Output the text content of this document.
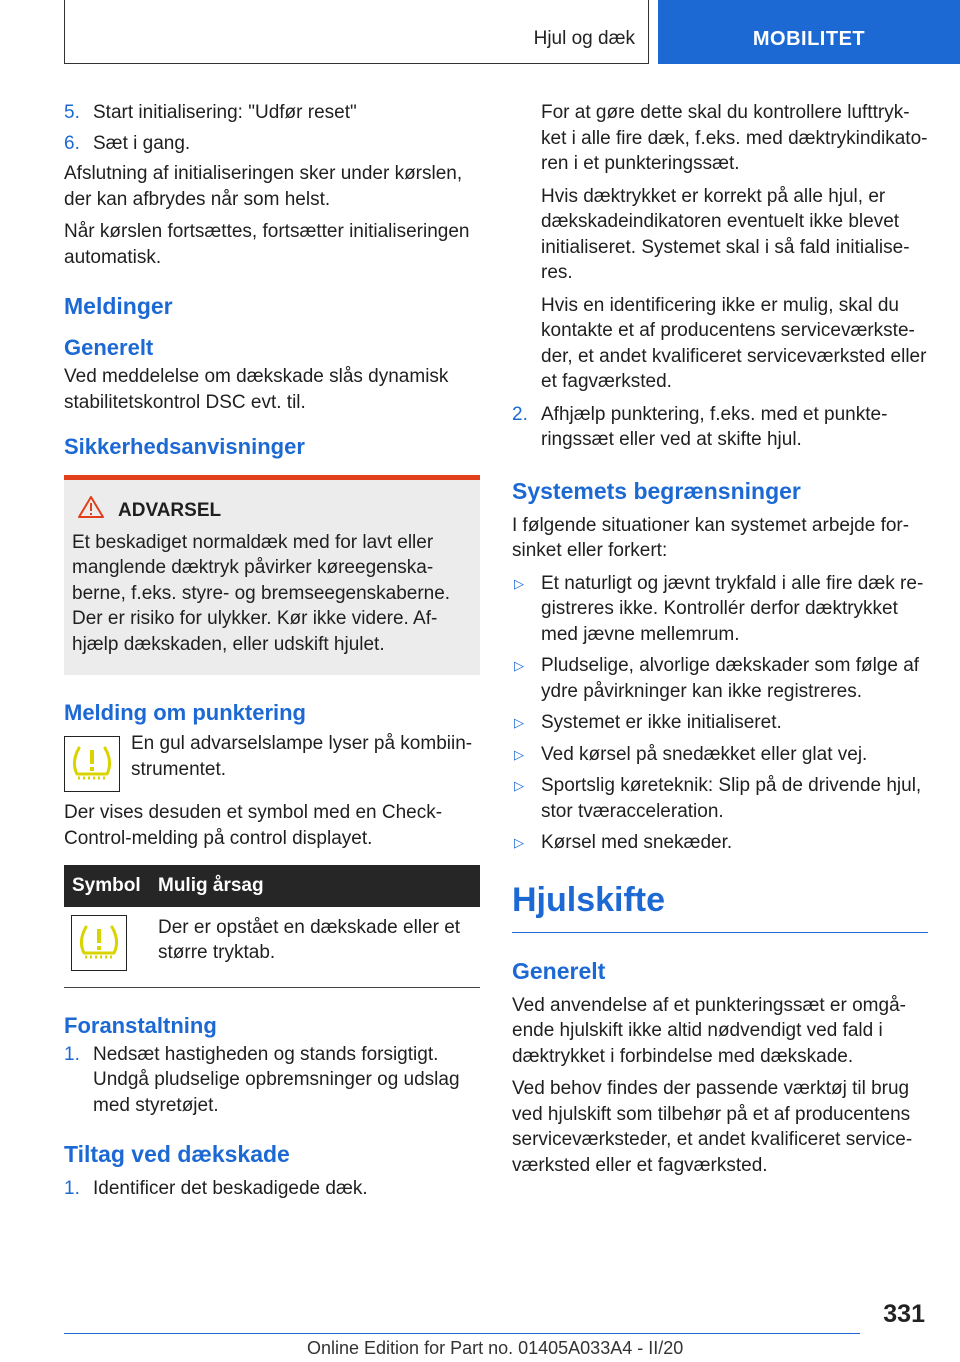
Hjul og dæk	MOBILITET
5. Start initialisering: "Udfør reset"
6. Sæt i gang.

Afslutning af initialiseringen sker under kørslen, der kan afbrydes når som helst.

Når kørslen fortsættes, fortsætter initialiseringen automatisk.

Meldinger
Generelt

Ved meddelelse om dækskade slås dynamisk stabilitetskontrol DSC evt. til.

Sikkerhedsanvisninger
ADVARSEL
Et beskadiget normaldæk med for lavt eller manglende dæktryk påvirker køreegenskaberne, f.eks. styre- og bremseegenskaberne. Der er risiko for ulykker. Kør ikke videre. Afhjælp dækskaden, eller udskift hjulet.
Melding om punktering
En gul advarselslampe lyser på kombiinstrumentet.

Der vises desuden et symbol med en Check-Control-melding på control displayet.

Symbol	Mulig årsag

	Der er opstået en dækskade eller et større tryktab.
Foranstaltning
1. Nedsæt hastigheden og stands forsigtigt. Undgå pludselige opbremsninger og udslag med styretøjet.
Tiltag ved dækskade
1. Identificer det beskadigede dæk.

For at gøre dette skal du kontrollere lufttrykket i alle fire dæk, f.eks. med dæktrykindikatoren i et punkteringssæt.

Hvis dæktrykket er korrekt på alle hjul, er dækskadeindikatoren eventuelt ikke blevet initialiseret. Systemet skal i så fald initialiseres.

Hvis en identificering ikke er mulig, skal du kontakte et af producentens serviceværksteder, et andet kvalificeret serviceværksted eller et fagværksted.

2. Afhjælp punktering, f.eks. med et punkteringssæt eller ved at skifte hjul.
Systemets begrænsninger

I følgende situationer kan systemet arbejde forsinket eller forkert:

▷ Et naturligt og jævnt trykfald i alle fire dæk registreres ikke. Kontrollér derfor dæktrykket med jævne mellemrum.
▷ Pludselige, alvorlige dækskader som følge af ydre påvirkninger kan ikke registreres.
▷ Systemet er ikke initialiseret.
▷ Ved kørsel på snedækket eller glat vej.
▷ Sportslig køreteknik: Slip på de drivende hjul, stor tværacceleration.
▷ Kørsel med snekæder.
Hjulskifte
Generelt

Ved anvendelse af et punkteringssæt er omgående hjulskift ikke altid nødvendigt ved fald i dæktrykket i forbindelse med dækskade.

Ved behov findes der passende værktøj til brug ved hjulskift som tilbehør på et af producentens serviceværksteder, et andet kvalificeret serviceværksted eller et fagværksted.

331
Online Edition for Part no. 01405A033A4 - II/20
